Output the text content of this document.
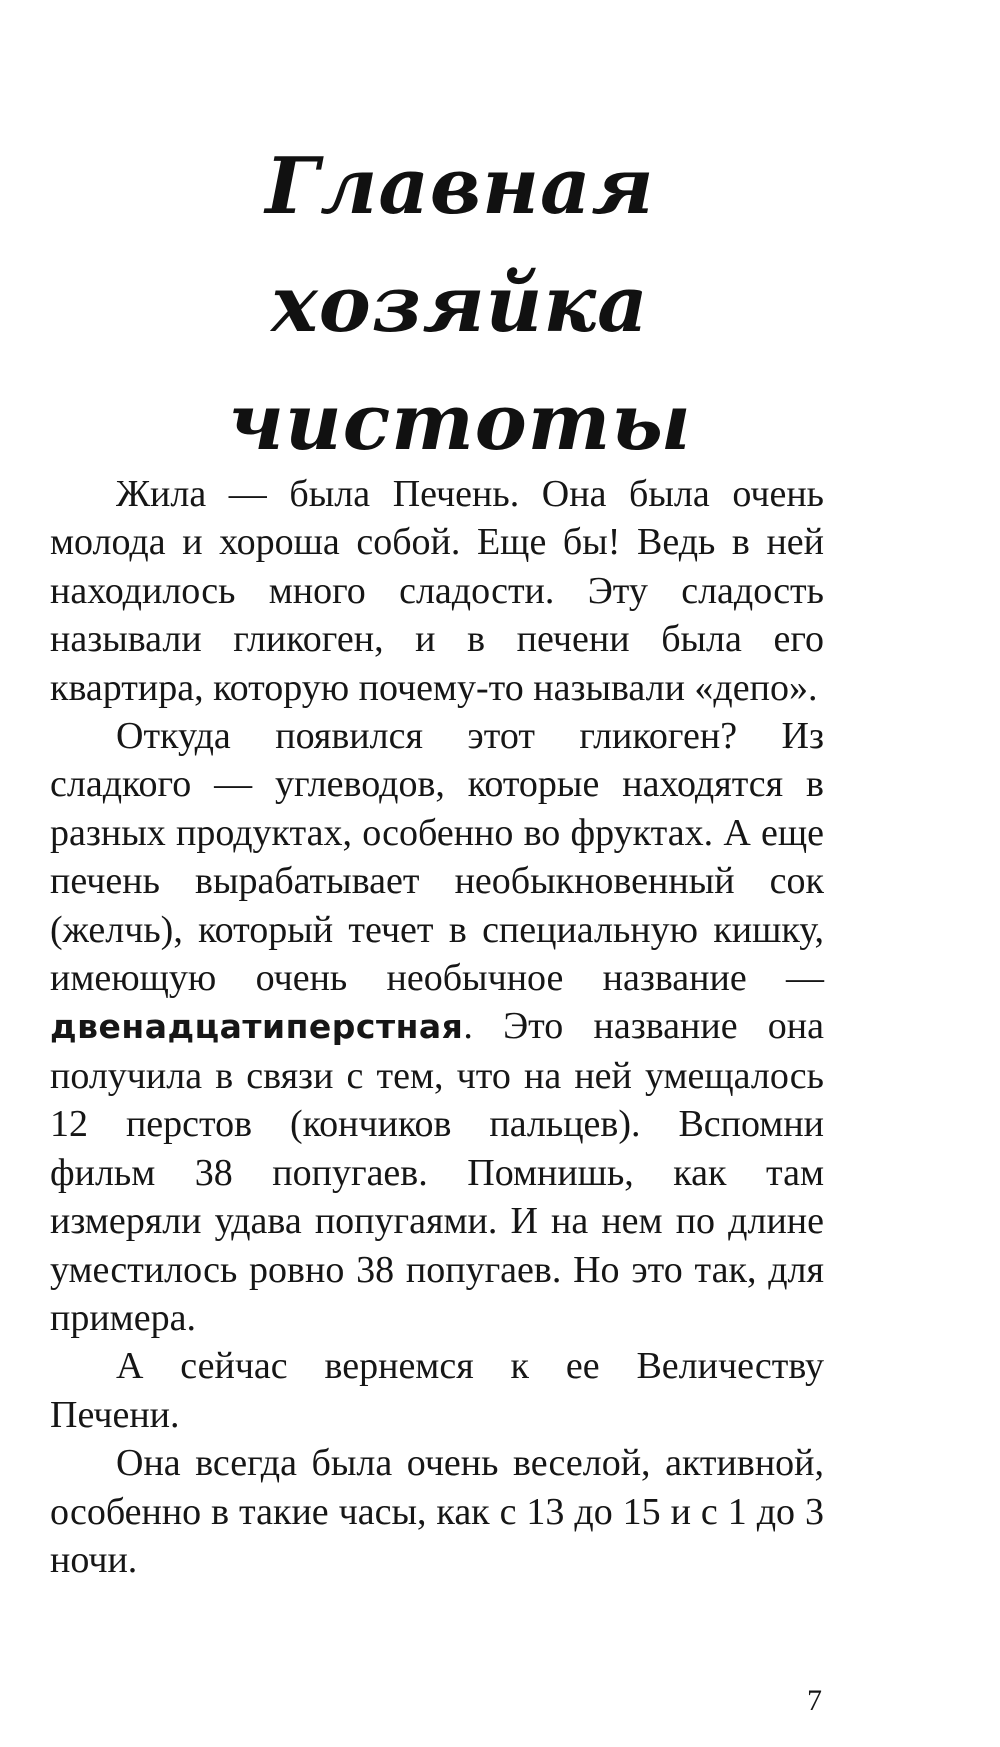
Главная хозяйка
чистоты

Жила — была Печень. Она была очень молода и хороша собой. Еще бы! Ведь в ней находилось много сладости. Эту сладость называли гликоген, и в печени была его квартира, которую почему-то называли «депо».

Откуда появился этот гликоген? Из сладкого — углеводов, которые находятся в разных продуктах, особенно во фруктах. А еще печень вырабатывает необыкновенный сок (желчь), который течет в специальную кишку, имеющую очень необычное название — двенадцатиперстная. Это название она получила в связи с тем, что на ней умещалось 12 перстов (кончиков пальцев). Вспомни фильм 38 попугаев. Помнишь, как там измеряли удава попугаями. И на нем по длине уместилось ровно 38 попугаев. Но это так, для примера.

А сейчас вернемся к ее Величеству Печени.

Она всегда была очень веселой, активной, особенно в такие часы, как с 13 до 15 и с 1 до 3 ночи.

7
